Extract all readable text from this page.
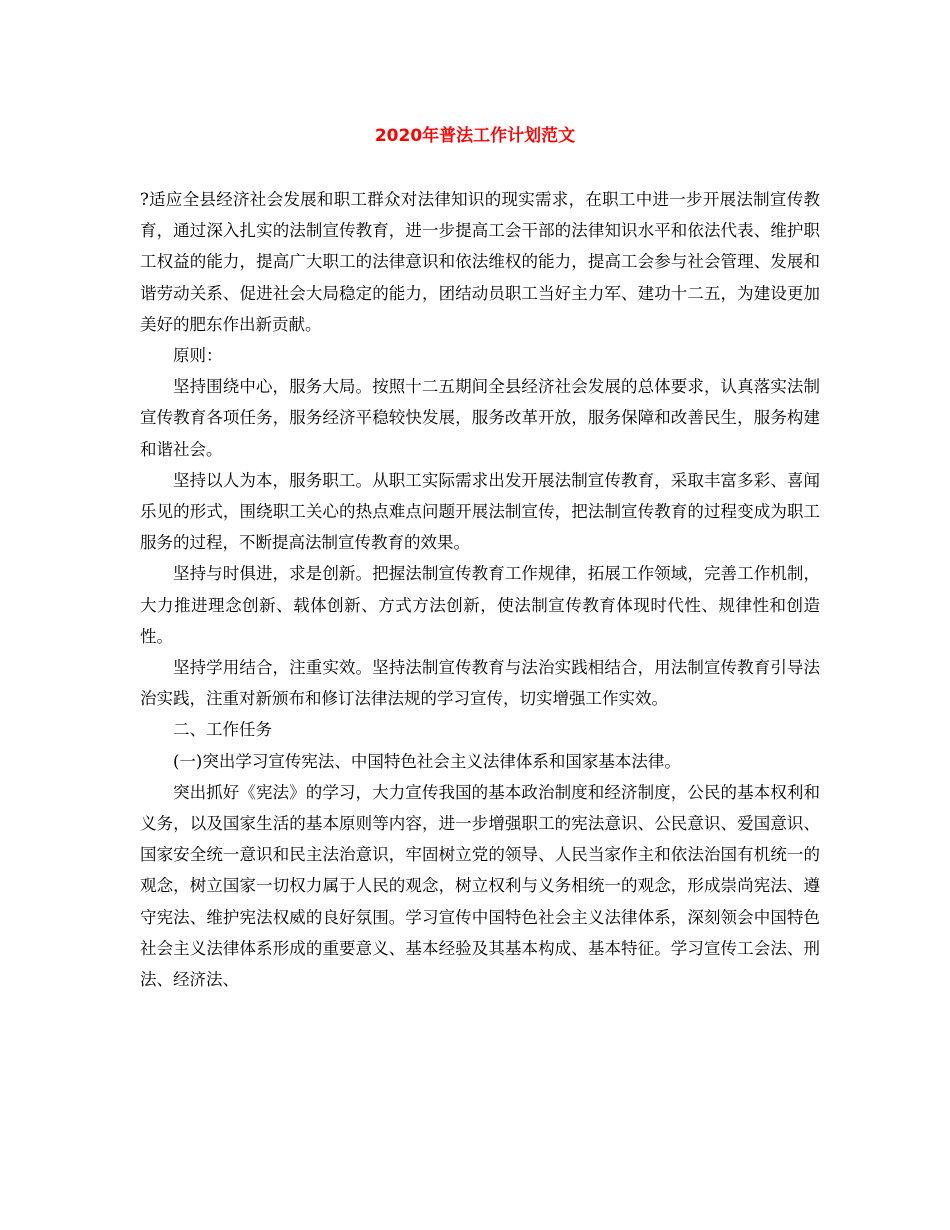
2020年普法工作计划范文

?适应全县经济社会发展和职工群众对法律知识的现实需求，在职工中进一步开展法制宣传教育，通过深入扎实的法制宣传教育，进一步提高工会干部的法律知识水平和依法代表、维护职工权益的能力，提高广大职工的法律意识和依法维权的能力，提高工会参与社会管理、发展和谐劳动关系、促进社会大局稳定的能力，团结动员职工当好主力军、建功十二五，为建设更加美好的肥东作出新贡献。

原则：

坚持围绕中心，服务大局。按照十二五期间全县经济社会发展的总体要求，认真落实法制宣传教育各项任务，服务经济平稳较快发展，服务改革开放，服务保障和改善民生，服务构建和谐社会。

坚持以人为本，服务职工。从职工实际需求出发开展法制宣传教育，采取丰富多彩、喜闻乐见的形式，围绕职工关心的热点难点问题开展法制宣传，把法制宣传教育的过程变成为职工服务的过程，不断提高法制宣传教育的效果。

坚持与时俱进，求是创新。把握法制宣传教育工作规律，拓展工作领域，完善工作机制，大力推进理念创新、载体创新、方式方法创新，使法制宣传教育体现时代性、规律性和创造性。

坚持学用结合，注重实效。坚持法制宣传教育与法治实践相结合，用法制宣传教育引导法治实践，注重对新颁布和修订法律法规的学习宣传，切实增强工作实效。

二、工作任务

(一)突出学习宣传宪法、中国特色社会主义法律体系和国家基本法律。

突出抓好《宪法》的学习，大力宣传我国的基本政治制度和经济制度，公民的基本权利和义务，以及国家生活的基本原则等内容，进一步增强职工的宪法意识、公民意识、爱国意识、国家安全统一意识和民主法治意识，牢固树立党的领导、人民当家作主和依法治国有机统一的观念，树立国家一切权力属于人民的观念，树立权利与义务相统一的观念，形成崇尚宪法、遵守宪法、维护宪法权威的良好氛围。学习宣传中国特色社会主义法律体系，深刻领会中国特色社会主义法律体系形成的重要意义、基本经验及其基本构成、基本特征。学习宣传工会法、刑法、经济法、
